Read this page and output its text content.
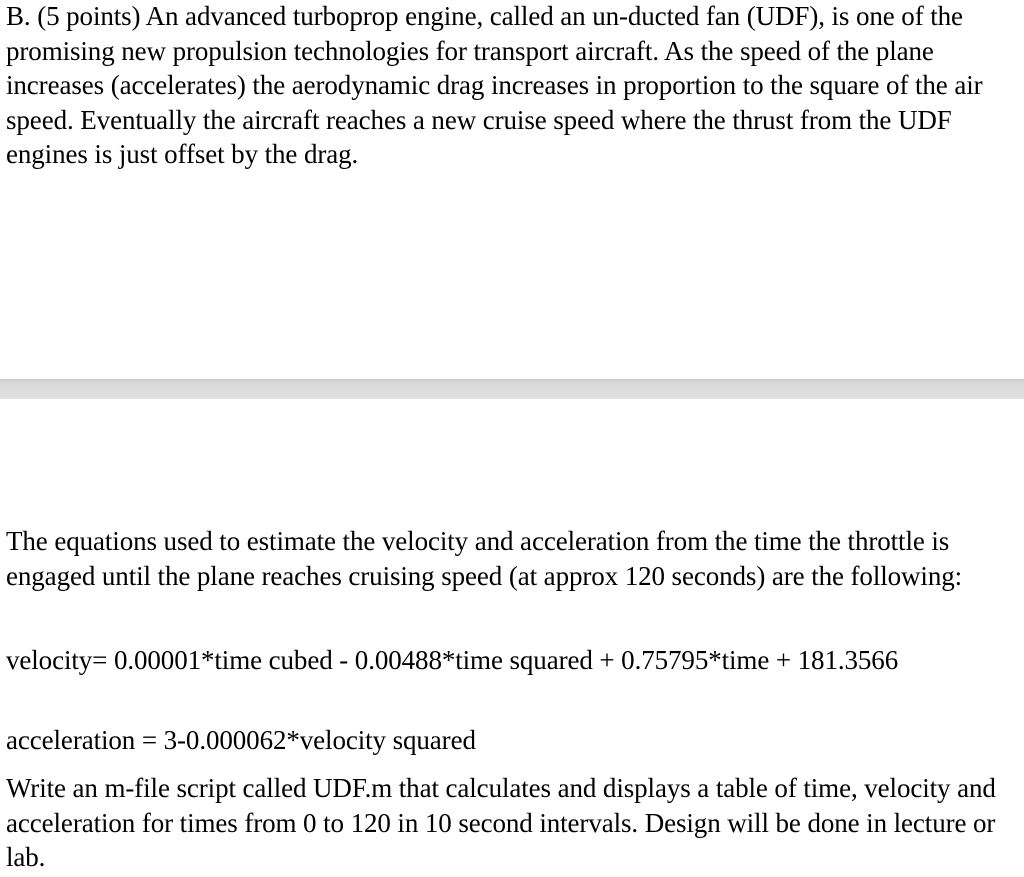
B. (5 points) An advanced turboprop engine, called an un-ducted fan (UDF), is one of the promising new propulsion technologies for transport aircraft. As the speed of the plane increases (accelerates) the aerodynamic drag increases in proportion to the square of the air speed. Eventually the aircraft reaches a new cruise speed where the thrust from the UDF engines is just offset by the drag.

The equations used to estimate the velocity and acceleration from the time the throttle is engaged until the plane reaches cruising speed (at approx 120 seconds) are the following:

velocity= 0.00001*time cubed - 0.00488*time squared + 0.75795*time + 181.3566

acceleration = 3-0.000062*velocity squared

Write an m-file script called UDF.m that calculates and displays a table of time, velocity and acceleration for times from 0 to 120 in 10 second intervals. Design will be done in lecture or lab.
